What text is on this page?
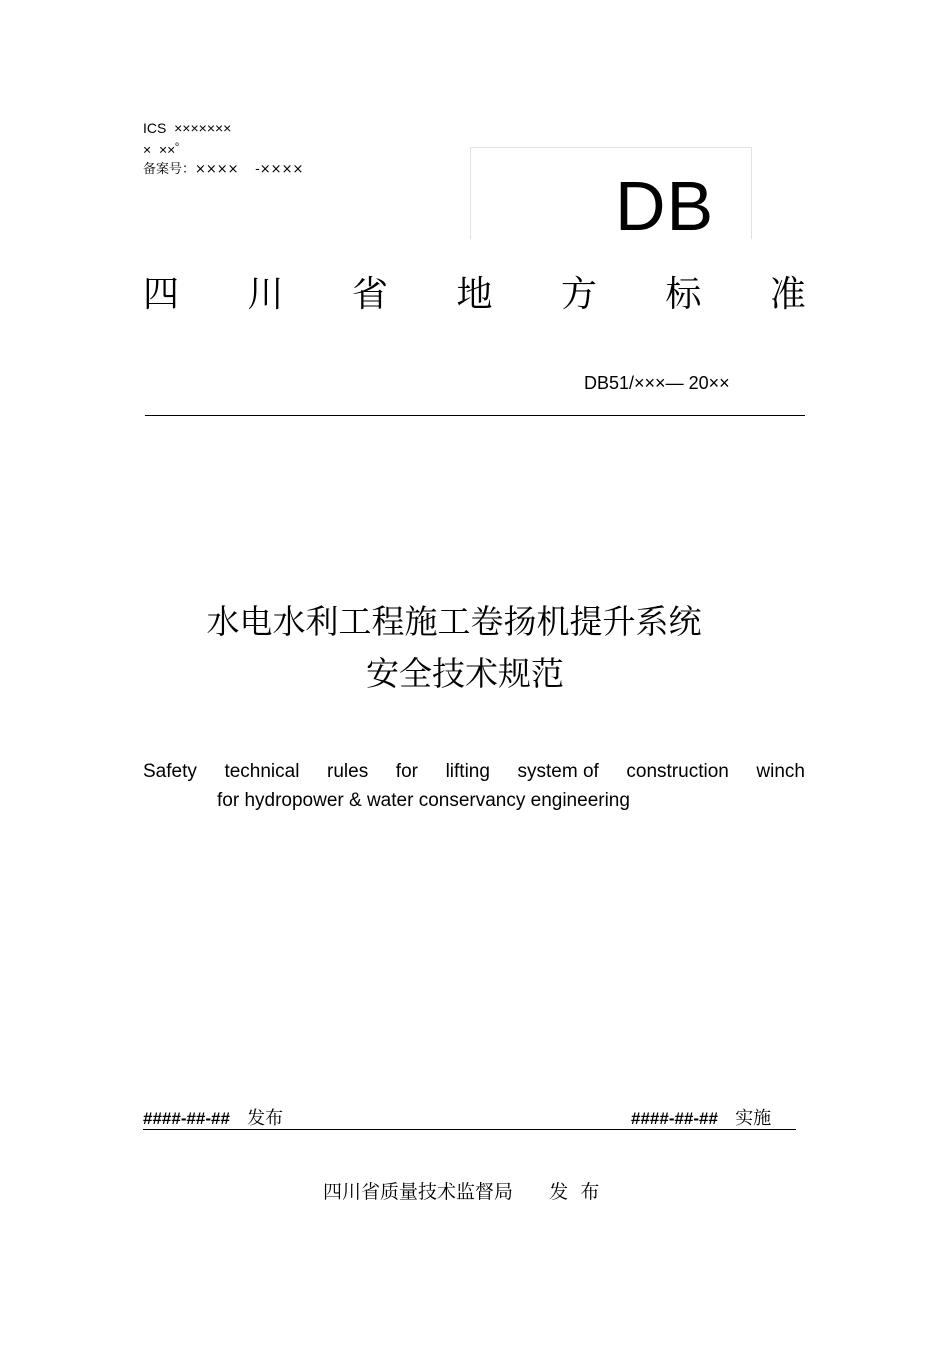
ICS  ×××××××
×  ××$^º$
备案号：××××    -××××	DB
四 川 省 地 方 标 准
DB51/×××— 20××
水电水利工程施工卷扬机提升系统
安全技术规范
Safety technical rules for lifting system of construction winch
for hydropower & water conservancy engineering
####-##-## 发布	####-##-## 实施
四川省质量技术监督局 发  布
